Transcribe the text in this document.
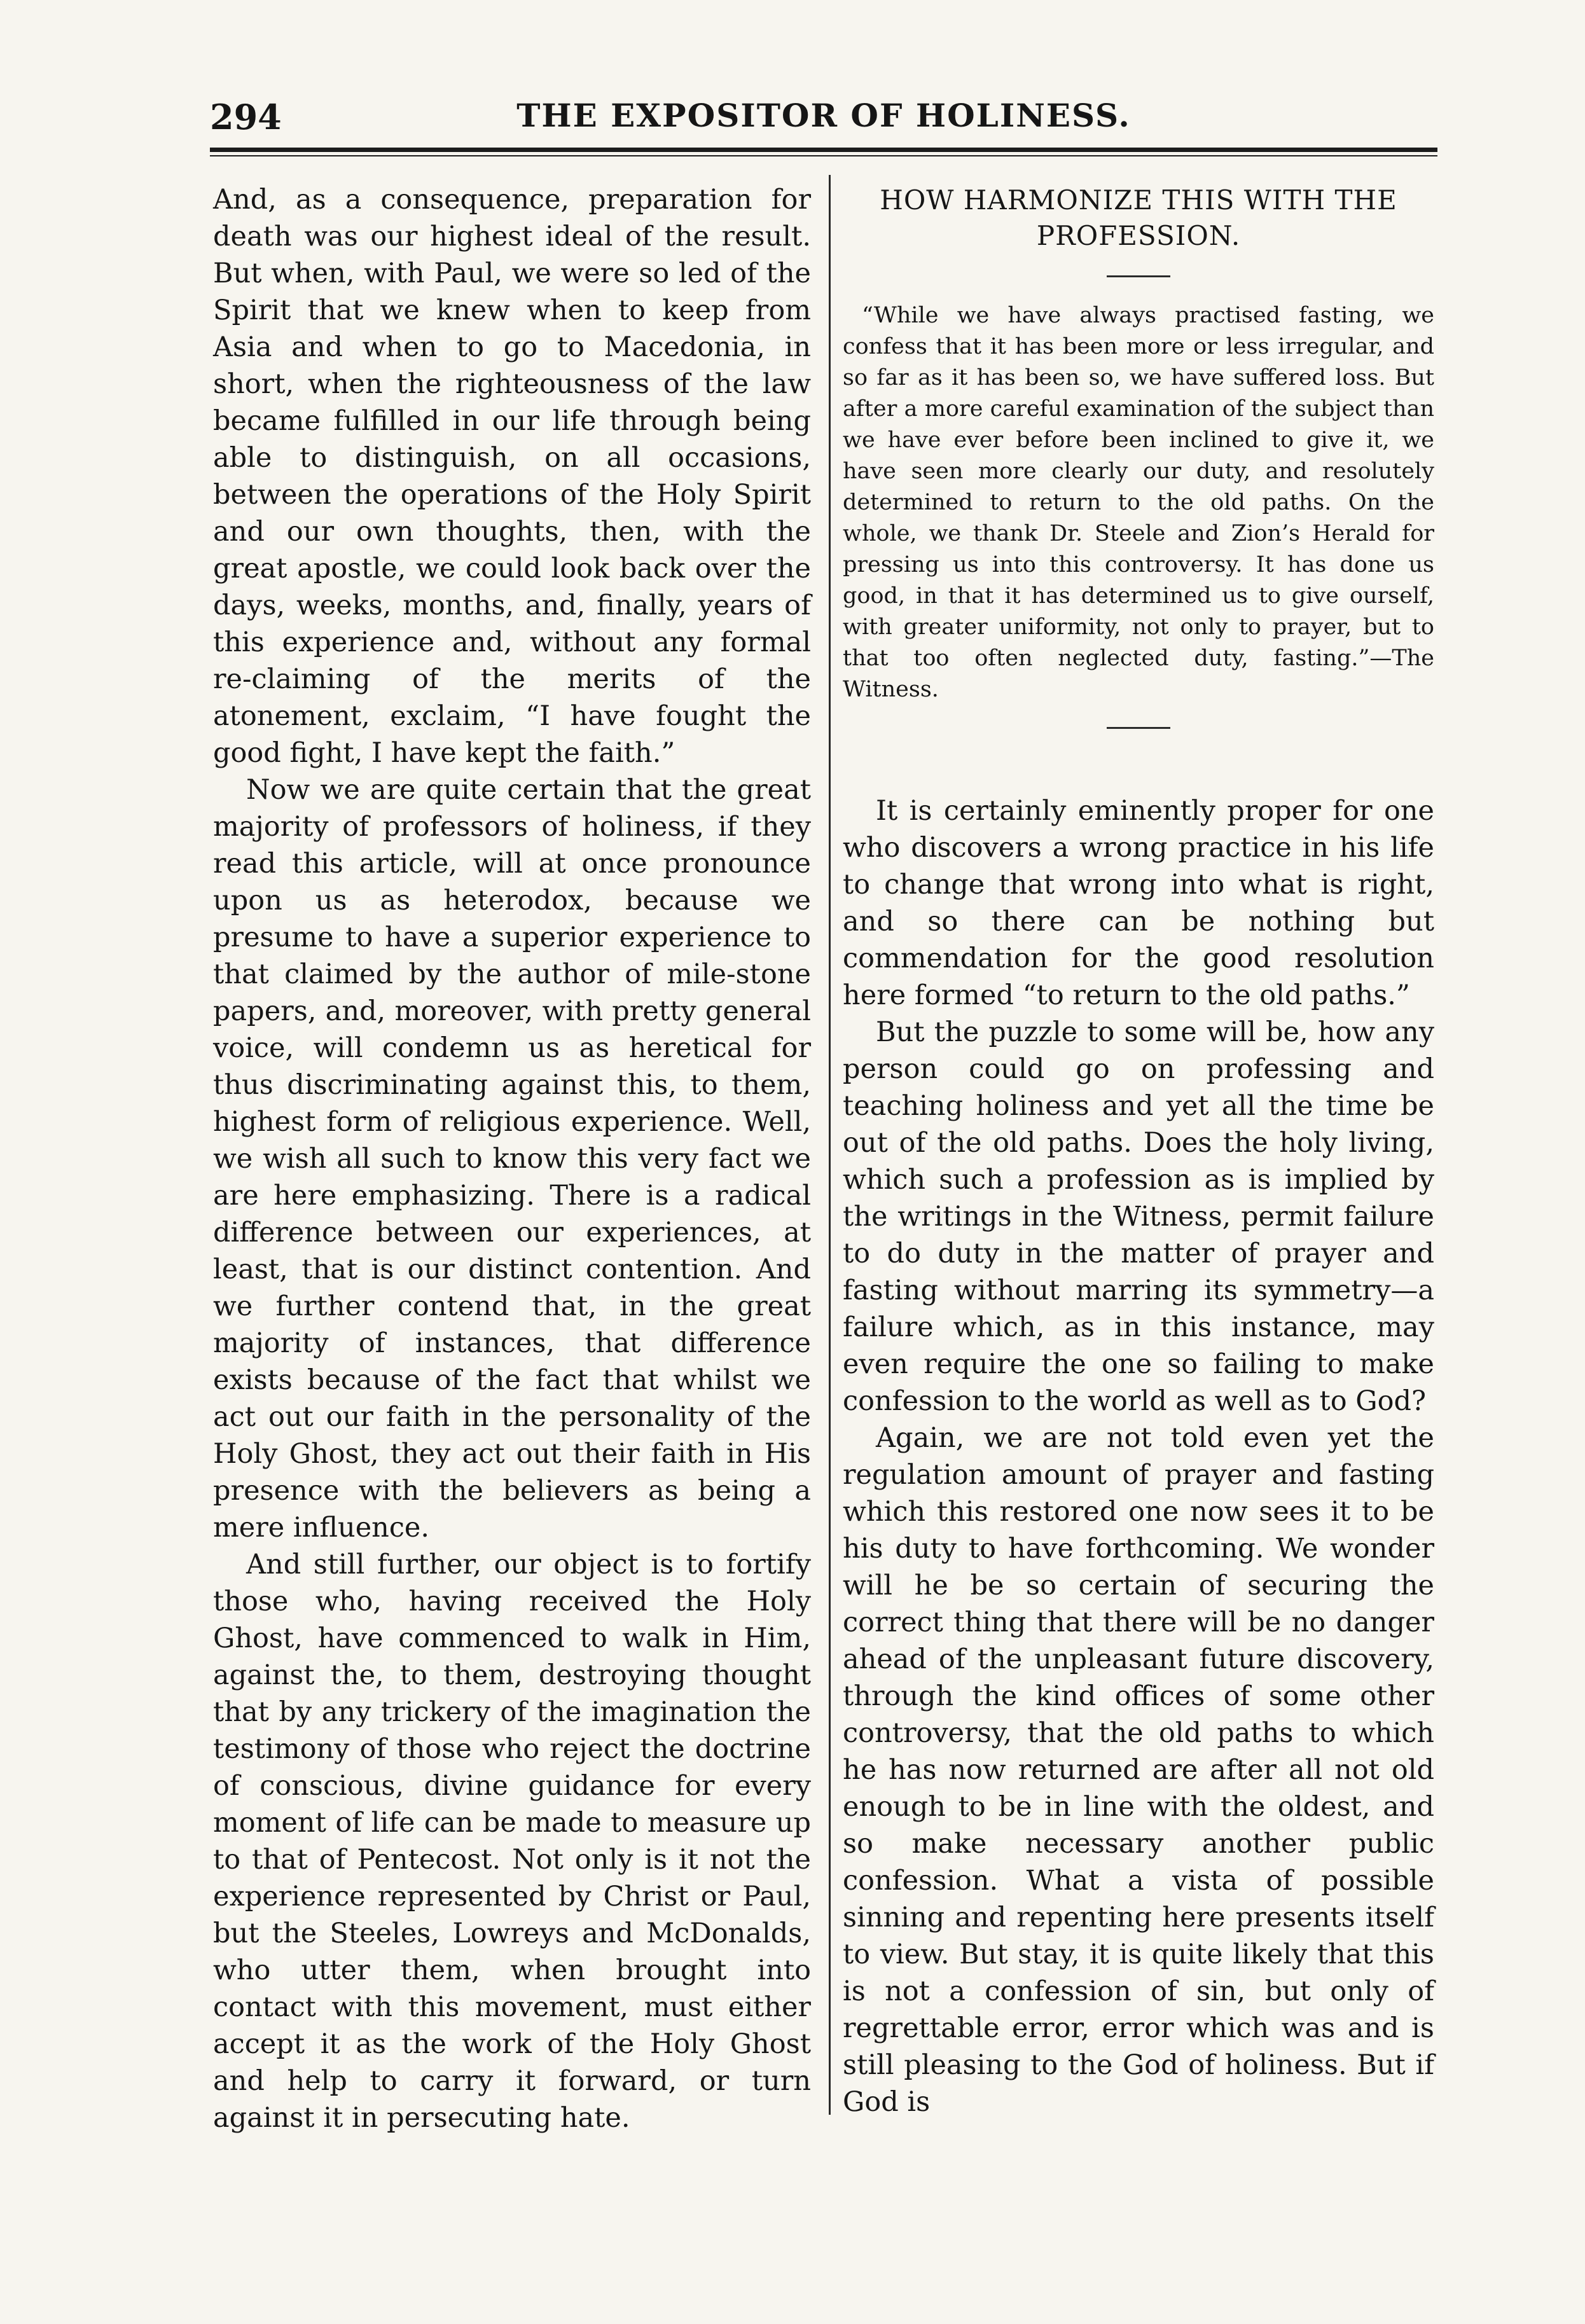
294	THE EXPOSITOR OF HOLINESS.

And, as a consequence, preparation for death was our highest ideal of the result. But when, with Paul, we were so led of the Spirit that we knew when to keep from Asia and when to go to Macedonia, in short, when the righteousness of the law became fulfilled in our life through being able to distinguish, on all occasions, between the operations of the Holy Spirit and our own thoughts, then, with the great apostle, we could look back over the days, weeks, months, and, finally, years of this experience and, without any formal re-claiming of the merits of the atonement, exclaim, “I have fought the good fight, I have kept the faith.”

Now we are quite certain that the great majority of professors of holiness, if they read this article, will at once pronounce upon us as heterodox, because we presume to have a superior experience to that claimed by the author of mile-stone papers, and, moreover, with pretty general voice, will condemn us as heretical for thus discriminating against this, to them, highest form of religious experience. Well, we wish all such to know this very fact we are here emphasizing. There is a radical difference between our experiences, at least, that is our distinct contention. And we further contend that, in the great majority of instances, that difference exists because of the fact that whilst we act out our faith in the personality of the Holy Ghost, they act out their faith in His presence with the believers as being a mere influence.

And still further, our object is to fortify those who, having received the Holy Ghost, have commenced to walk in Him, against the, to them, destroying thought that by any trickery of the imagination the testimony of those who reject the doctrine of conscious, divine guidance for every moment of life can be made to measure up to that of Pentecost. Not only is it not the experience represented by Christ or Paul, but the Steeles, Lowreys and McDonalds, who utter them, when brought into contact with this movement, must either accept it as the work of the Holy Ghost and help to carry it forward, or turn against it in persecuting hate.

HOW HARMONIZE THIS WITH THE PROFESSION.

“While we have always practised fasting, we confess that it has been more or less irregular, and so far as it has been so, we have suffered loss. But after a more careful examination of the subject than we have ever before been inclined to give it, we have seen more clearly our duty, and resolutely determined to return to the old paths. On the whole, we thank Dr. Steele and Zion’s Herald for pressing us into this controversy. It has done us good, in that it has determined us to give ourself, with greater uniformity, not only to prayer, but to that too often neglected duty, fasting.”—The Witness.

It is certainly eminently proper for one who discovers a wrong practice in his life to change that wrong into what is right, and so there can be nothing but commendation for the good resolution here formed “to return to the old paths.”

But the puzzle to some will be, how any person could go on professing and teaching holiness and yet all the time be out of the old paths. Does the holy living, which such a profession as is implied by the writings in the Witness, permit failure to do duty in the matter of prayer and fasting without marring its symmetry—a failure which, as in this instance, may even require the one so failing to make confession to the world as well as to God?

Again, we are not told even yet the regulation amount of prayer and fasting which this restored one now sees it to be his duty to have forthcoming. We wonder will he be so certain of securing the correct thing that there will be no danger ahead of the unpleasant future discovery, through the kind offices of some other controversy, that the old paths to which he has now returned are after all not old enough to be in line with the oldest, and so make necessary another public confession. What a vista of possible sinning and repenting here presents itself to view. But stay, it is quite likely that this is not a confession of sin, but only of regrettable error, error which was and is still pleasing to the God of holiness. But if God is
